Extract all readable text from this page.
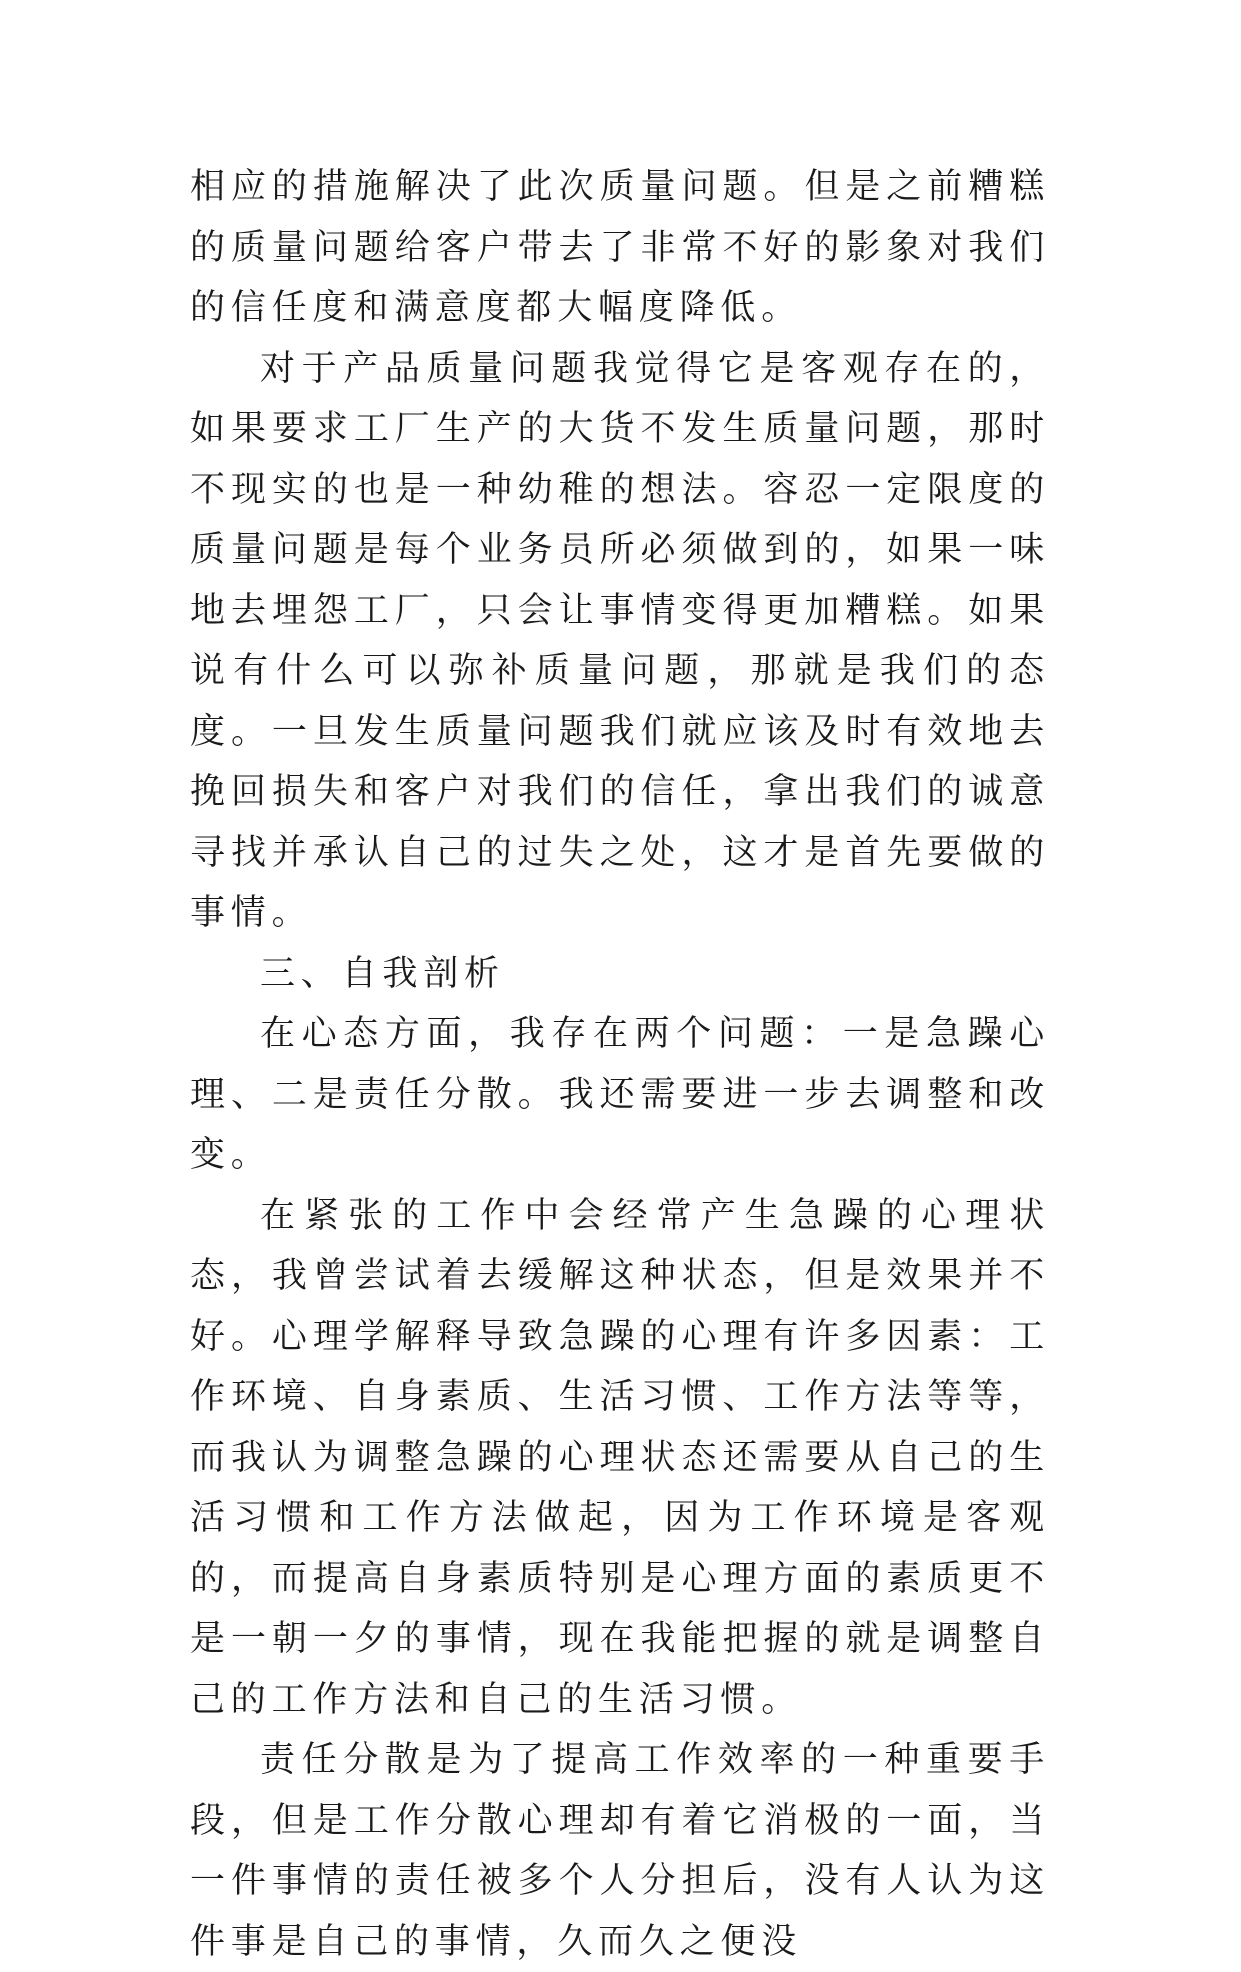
相应的措施解决了此次质量问题。但是之前糟糕的质量问题给客户带去了非常不好的影象对我们的信任度和满意度都大幅度降低。

对于产品质量问题我觉得它是客观存在的，如果要求工厂生产的大货不发生质量问题，那时不现实的也是一种幼稚的想法。容忍一定限度的质量问题是每个业务员所必须做到的，如果一味地去埋怨工厂，只会让事情变得更加糟糕。如果说有什么可以弥补质量问题，那就是我们的态度。一旦发生质量问题我们就应该及时有效地去挽回损失和客户对我们的信任，拿出我们的诚意寻找并承认自己的过失之处，这才是首先要做的事情。

三、自我剖析

在心态方面，我存在两个问题：一是急躁心理、二是责任分散。我还需要进一步去调整和改变。

在紧张的工作中会经常产生急躁的心理状态，我曾尝试着去缓解这种状态，但是效果并不好。心理学解释导致急躁的心理有许多因素：工作环境、自身素质、生活习惯、工作方法等等，而我认为调整急躁的心理状态还需要从自己的生活习惯和工作方法做起，因为工作环境是客观的，而提高自身素质特别是心理方面的素质更不是一朝一夕的事情，现在我能把握的就是调整自己的工作方法和自己的生活习惯。

责任分散是为了提高工作效率的一种重要手段，但是工作分散心理却有着它消极的一面，当一件事情的责任被多个人分担后，没有人认为这件事是自己的事情，久而久之便没
